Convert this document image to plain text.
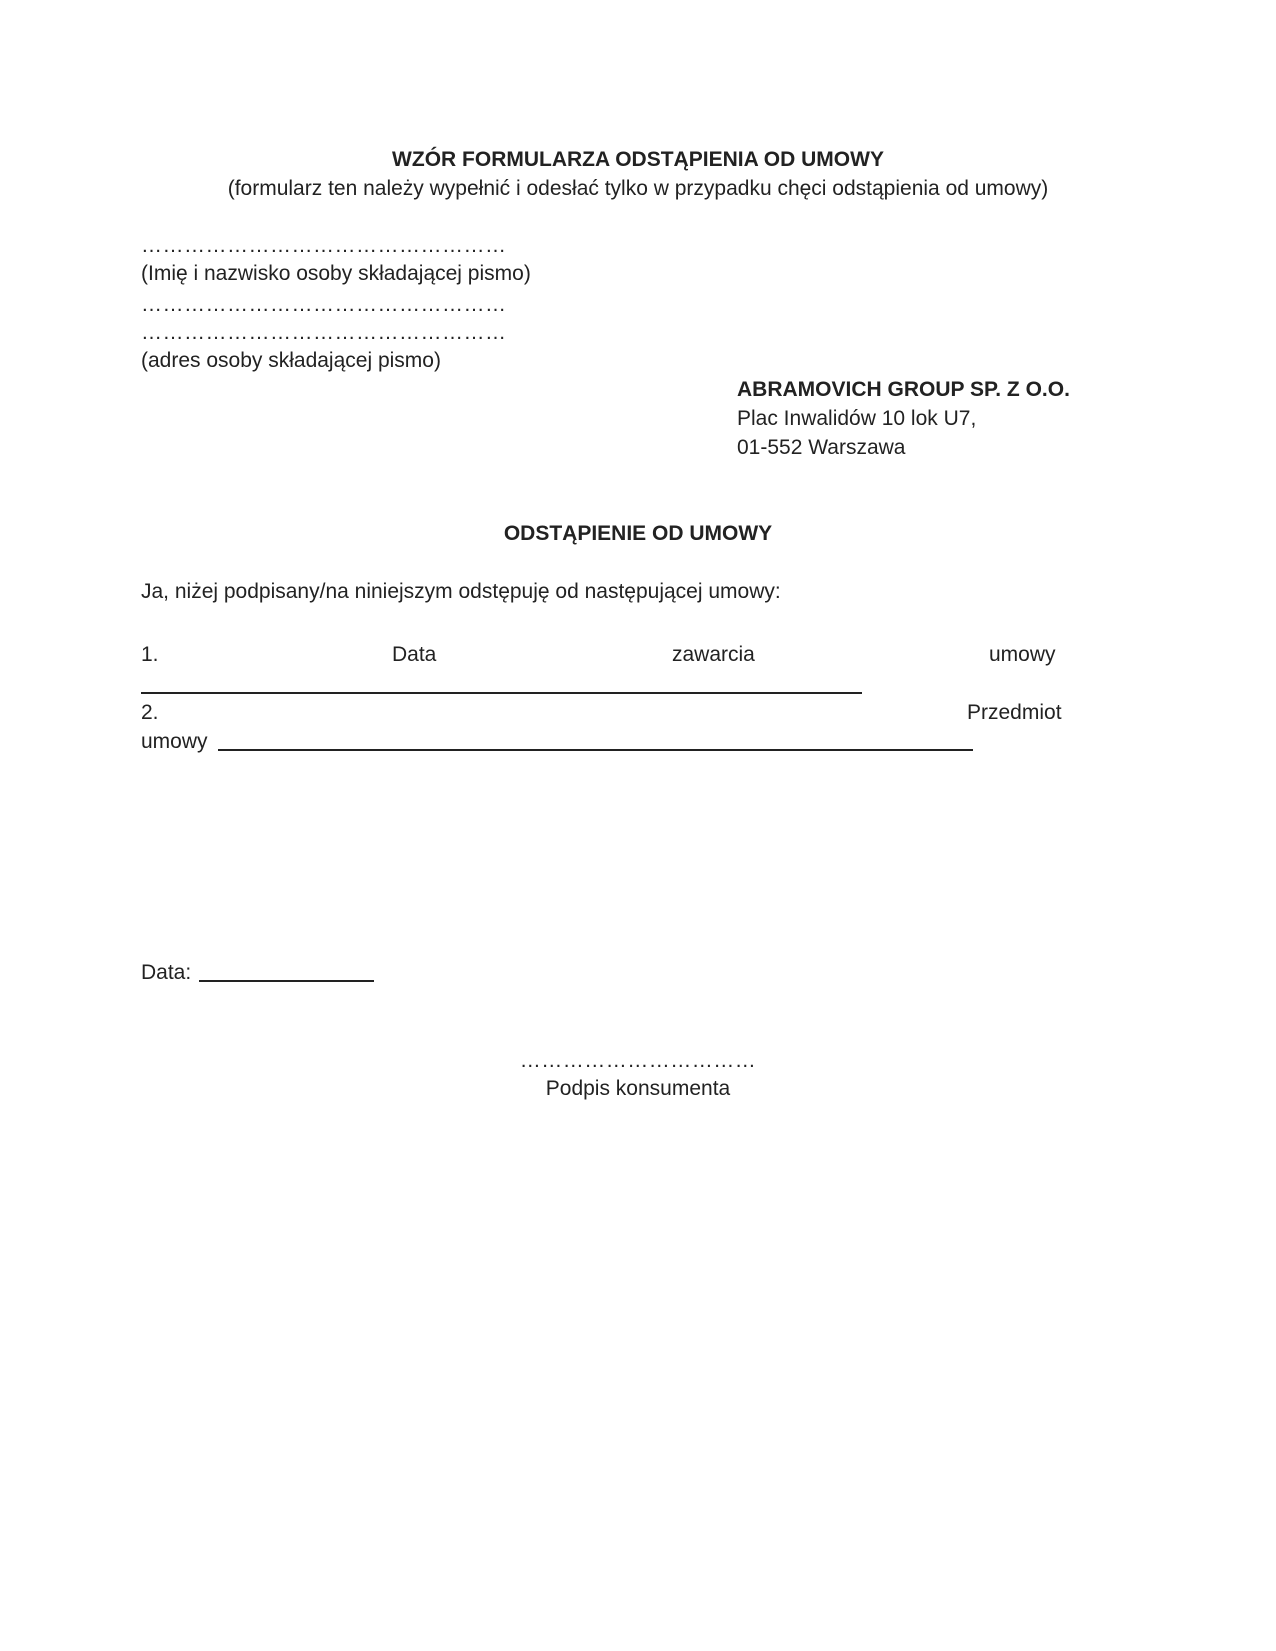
WZÓR FORMULARZA ODSTĄPIENIA OD UMOWY
(formularz ten należy wypełnić i odesłać tylko w przypadku chęci odstąpienia od umowy)
……………………………………………
(Imię i nazwisko osoby składającej pismo)
……………………………………………
……………………………………………
(adres osoby składającej pismo)
ABRAMOVICH GROUP SP. Z O.O.
Plac Inwalidów 10 lok U7,
01-552 Warszawa
ODSTĄPIENIE OD UMOWY
Ja, niżej podpisany/na niniejszym odstępuję od następującej umowy:
1.	Data	zawarcia	umowy
2.	Przedmiot
umowy
Data:
……………………………
Podpis konsumenta
